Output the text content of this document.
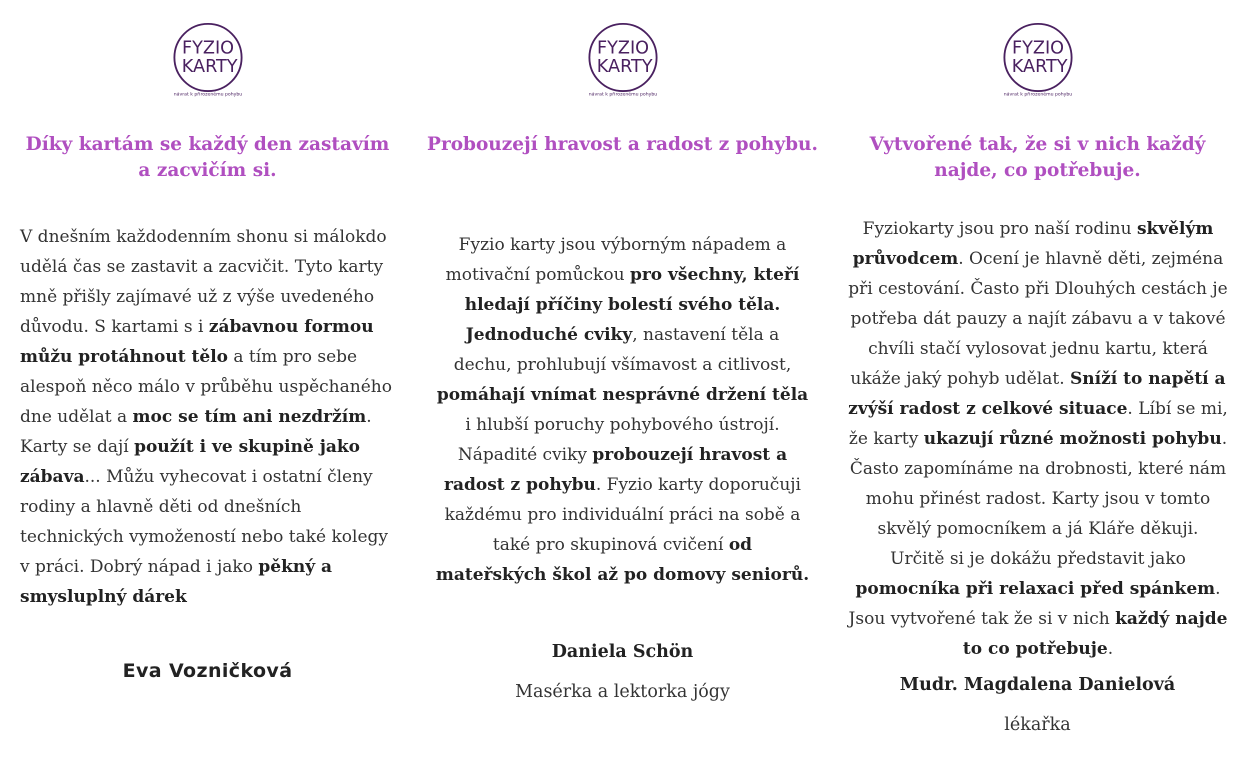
FYZIO
KARTY
návrat k přirozenému pohybu

Díky kartám se každý den zastavím a zacvičím si.

V dnešním každodenním shonu si málokdo udělá čas se zastavit a zacvičit. Tyto karty mně přišly zajímavé už z výše uvedeného důvodu. S kartami s i zábavnou formou můžu protáhnout tělo a tím pro sebe alespoň něco málo v průběhu uspěchaného dne udělat a moc se tím ani nezdržím. Karty se dají použít i ve skupině jako zábava... Můžu vyhecovat i ostatní členy rodiny a hlavně děti od dnešních technických vymožeností nebo také kolegy v práci. Dobrý nápad i jako pěkný a smysluplný dárek

Eva Vozničková

FYZIO
KARTY
návrat k přirozenému pohybu

Probouzejí hravost a radost z pohybu.

Fyzio karty jsou výborným nápadem a motivační pomůckou pro všechny, kteří hledají příčiny bolestí svého těla. Jednoduché cviky, nastavení těla a dechu, prohlubují všímavost a citlivost, pomáhají vnímat nesprávné držení těla i hlubší poruchy pohybového ústrojí. Nápadité cviky probouzejí hravost a radost z pohybu. Fyzio karty doporučuji každému pro individuální práci na sobě a také pro skupinová cvičení od mateřských škol až po domovy seniorů.

Daniela Schön

Masérka a lektorka jógy

FYZIO
KARTY
návrat k přirozenému pohybu

Vytvořené tak, že si v nich každý najde, co potřebuje.

Fyziokarty jsou pro naší rodinu skvělým průvodcem. Ocení je hlavně děti, zejména při cestování. Často při Dlouhých cestách je potřeba dát pauzy a najít zábavu a v takové chvíli stačí vylosovat jednu kartu, která ukáže jaký pohyb udělat. Sníží to napětí a zvýší radost z celkové situace. Líbí se mi, že karty ukazují různé možnosti pohybu. Často zapomínáme na drobnosti, které nám mohu přinést radost. Karty jsou v tomto skvělý pomocníkem a já Kláře děkuji. Určitě si je dokážu představit jako pomocníka při relaxaci před spánkem. Jsou vytvořené tak že si v nich každý najde to co potřebuje.

Mudr. Magdalena Danielová

lékařka
